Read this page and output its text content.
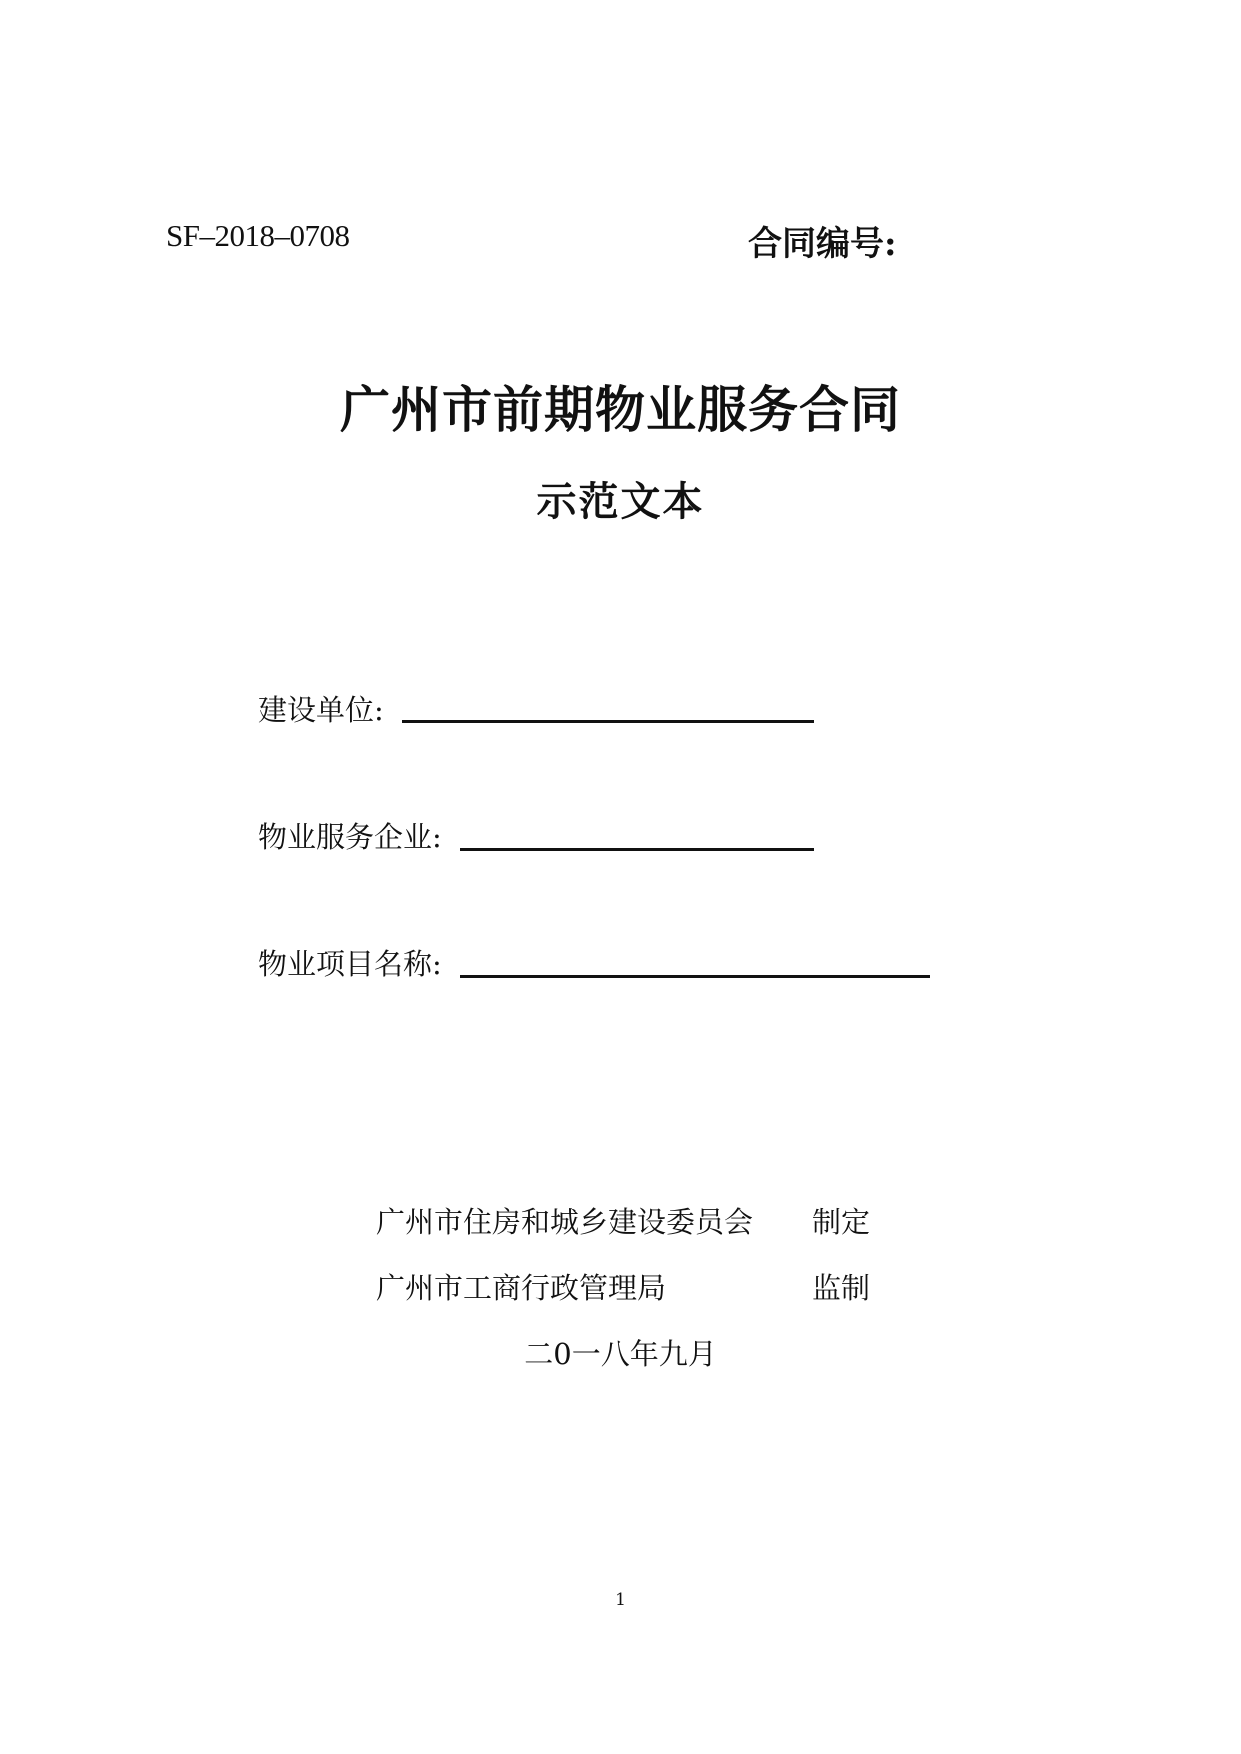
SF–2018–0708	合同编号:
广州市前期物业服务合同
示范文本
建设单位:
物业服务企业:
物业项目名称:
广州市住房和城乡建设委员会 制定
广州市工商行政管理局	监制
二0一八年九月
1
